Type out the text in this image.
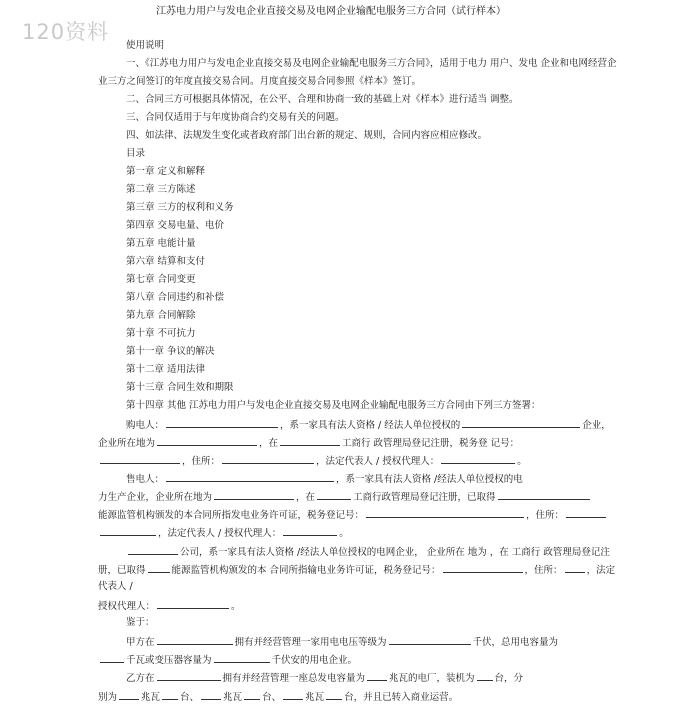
120资料
江苏电力用户与发电企业直接交易及电网企业输配电服务三方合同（试行样本）
使用说明
一、《江苏电力用户与发电企业直接交易及电网企业输配电服务三方合同》，适用于电力 用户、发电 企业和电网经营企
业三方之间签订的年度直接交易合同。月度直接交易合同参照《样本》签订。
二、合同三方可根据具体情况，在公平、合理和协商一致的基础上对《样本》进行适当 调整。
三、合同仅适用于与年度协商合约交易有关的问题。
四、如法律、法规发生变化或者政府部门出台新的规定、规则，合同内容应相应修改。
目录
第一章 定义和解释
第二章 三方陈述
第三章 三方的权利和义务
第四章 交易电量、电价
第五章 电能计量
第六章 结算和支付
第七章 合同变更
第八章 合同违约和补偿
第九章 合同解除
第十章 不可抗力
第十一章 争议的解决
第十二章 适用法律
第十三章 合同生效和期限
第十四章 其他 江苏电力用户与发电企业直接交易及电网企业输配电服务三方合同由下列三方签署：
购电人：	，系一家具有法人资格 / 经法人单位授权的	企业，
企业所在地为	，在	工商行 政管理局登记注册，税务登 记号：
，住所：	，法定代表人 / 授权代理人：	。
售电人：	，系一家具有法人资格 /经法人单位授权的电
力生产企业，企业所在地为	，在	工商行政管理局登记注册，已取得
能源监管机构颁发的本合同所指发电业务许可证，税务登记号：	，住所：
，法定代表人 / 授权代理人：	。
公司，系一家具有法人资格 /经法人单位授权的电网企业， 企业所在 地为 ，在 工商行 政管理局登记注
册，已取得	能源监管机构颁发的本 合同所指输电业务许可证，税务登记号：	，住所：	，法定
代表人 /
授权代理人：	。
鉴于：
甲方在	拥有并经营管理一家用电电压等级为	千伏，总用电容量为
千瓦或变压器容量为	千伏安的用电企业。
乙方在	拥有并经营管理一座总发电容量为	兆瓦的电厂，装机为 台，分
别为	兆瓦 台、	兆瓦 台、	兆瓦 台，并且已转入商业运营。
